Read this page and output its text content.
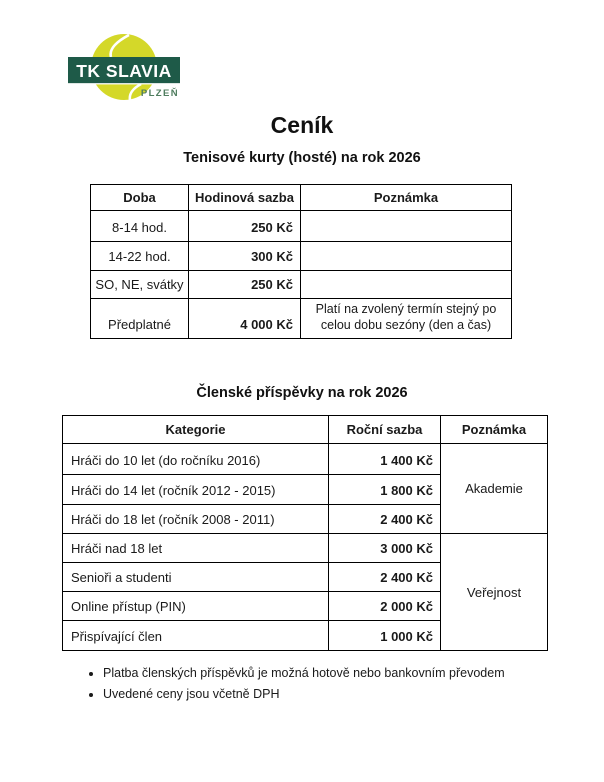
TK SLAVIA
PLZEŇ
Ceník
Tenisové kurty (hosté) na rok 2026
Doba	Hodinová sazba	Poznámka
8-14 hod.	250 Kč	
14-22 hod.	300 Kč	
SO, NE, svátky	250 Kč	
Předplatné	4 000 Kč	Platí na zvolený termín stejný po celou dobu sezóny (den a čas)
Členské příspěvky na rok 2026
Kategorie	Roční sazba	Poznámka
Hráči do 10 let (do ročníku 2016)	1 400 Kč	Akademie
Hráči do 14 let (ročník 2012 - 2015)	1 800 Kč	
Hráči do 18 let (ročník 2008 - 2011)	2 400 Kč	
Hráči nad 18 let	3 000 Kč	Veřejnost
Senioři a studenti	2 400 Kč	
Online přístup (PIN)	2 000 Kč	
Přispívající člen	1 000 Kč	
• Platba členských příspěvků je možná hotově nebo bankovním převodem
• Uvedené ceny jsou včetně DPH
